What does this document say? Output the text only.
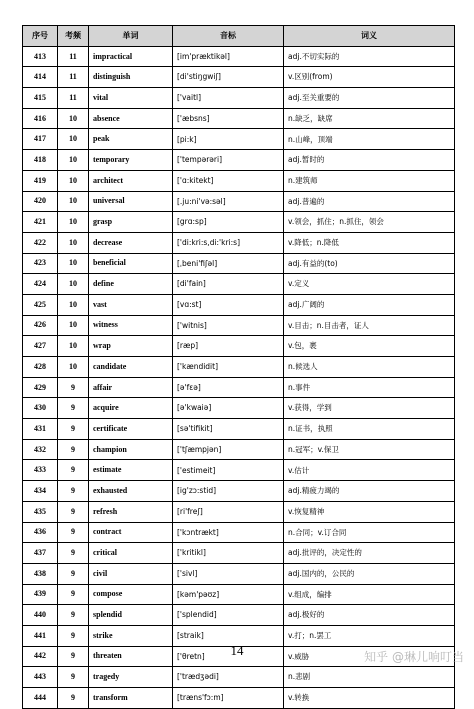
序号	考频	单词	音标	词义
413	11	impractical	[im'præktikəl]	adj.不切实际的
414	11	distinguish	[di'stiŋgwiʃ]	v.区别(from)
415	11	vital	['vaitl]	adj.至关重要的
416	10	absence	['æbsns]	n.缺乏，缺席
417	10	peak	[pi:k]	n.山峰，顶端
418	10	temporary	['tempərəri]	adj.暂时的
419	10	architect	['ɑ:kitekt]	n.建筑师
420	10	universal	[.ju:ni'və:səl]	adj.普遍的
421	10	grasp	[grɑ:sp]	v.领会，抓住；n.抓住，领会
422	10	decrease	['di:kri:s,di:'kri:s]	v.降低；n.降低
423	10	beneficial	[ˌbeni'fiʃəl]	adj.有益的(to)
424	10	define	[di'fain]	v.定义
425	10	vast	[vɑ:st]	adj.广阔的
426	10	witness	['witnis]	v.目击；n.目击者，证人
427	10	wrap	[ræp]	v.包，裹
428	10	candidate	['kændidit]	n.候选人
429	9	affair	[ə'fɛə]	n.事件
430	9	acquire	[ə'kwaiə]	v.获得，学到
431	9	certificate	[sə'tifikit]	n.证书，执照
432	9	champion	['tʃæmpjən]	n.冠军；v.保卫
433	9	estimate	['estimeit]	v.估计
434	9	exhausted	[ig'zɔ:stid]	adj.精疲力竭的
435	9	refresh	[ri'freʃ]	v.恢复精神
436	9	contract	['kɔntrækt]	n.合同；v.订合同
437	9	critical	['kritikl]	adj.批评的，决定性的
438	9	civil	['sivl]	adj.国内的，公民的
439	9	compose	[kəm'pəʊz]	v.组成，编排
440	9	splendid	['splendid]	adj.极好的
441	9	strike	[straik]	v.打；n.罢工
442	9	threaten	['θretn]	v.威胁
443	9	tragedy	['trædʒədi]	n.悲剧
444	9	transform	[træns'fɔ:m]	v.转换
14	知乎 @琳儿响叮当
